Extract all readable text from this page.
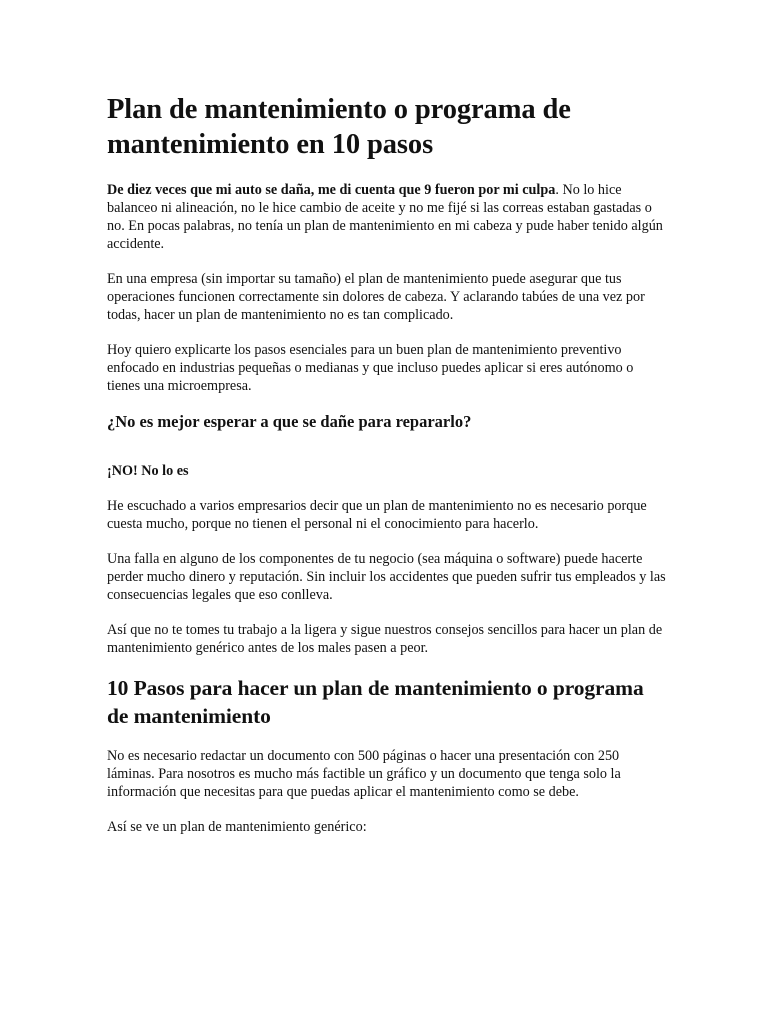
Plan de mantenimiento o programa de mantenimiento en 10 pasos

De diez veces que mi auto se daña, me di cuenta que 9 fueron por mi culpa. No lo hice balanceo ni alineación, no le hice cambio de aceite y no me fijé si las correas estaban gastadas o no. En pocas palabras, no tenía un plan de mantenimiento en mi cabeza y pude haber tenido algún accidente.

En una empresa (sin importar su tamaño) el plan de mantenimiento puede asegurar que tus operaciones funcionen correctamente sin dolores de cabeza. Y aclarando tabúes de una vez por todas, hacer un plan de mantenimiento no es tan complicado.

Hoy quiero explicarte los pasos esenciales para un buen plan de mantenimiento preventivo enfocado en industrias pequeñas o medianas y que incluso puedes aplicar si eres autónomo o tienes una microempresa.

¿No es mejor esperar a que se dañe para repararlo?
¡NO! No lo es

He escuchado a varios empresarios decir que un plan de mantenimiento no es necesario porque cuesta mucho, porque no tienen el personal ni el conocimiento para hacerlo.

Una falla en alguno de los componentes de tu negocio (sea máquina o software) puede hacerte perder mucho dinero y reputación. Sin incluir los accidentes que pueden sufrir tus empleados y las consecuencias legales que eso conlleva.

Así que no te tomes tu trabajo a la ligera y sigue nuestros consejos sencillos para hacer un plan de mantenimiento genérico antes de los males pasen a peor.

10 Pasos para hacer un plan de mantenimiento o programa de mantenimiento

No es necesario redactar un documento con 500 páginas o hacer una presentación con 250 láminas. Para nosotros es mucho más factible un gráfico y un documento que tenga solo la información que necesitas para que puedas aplicar el mantenimiento como se debe.

Así se ve un plan de mantenimiento genérico:
